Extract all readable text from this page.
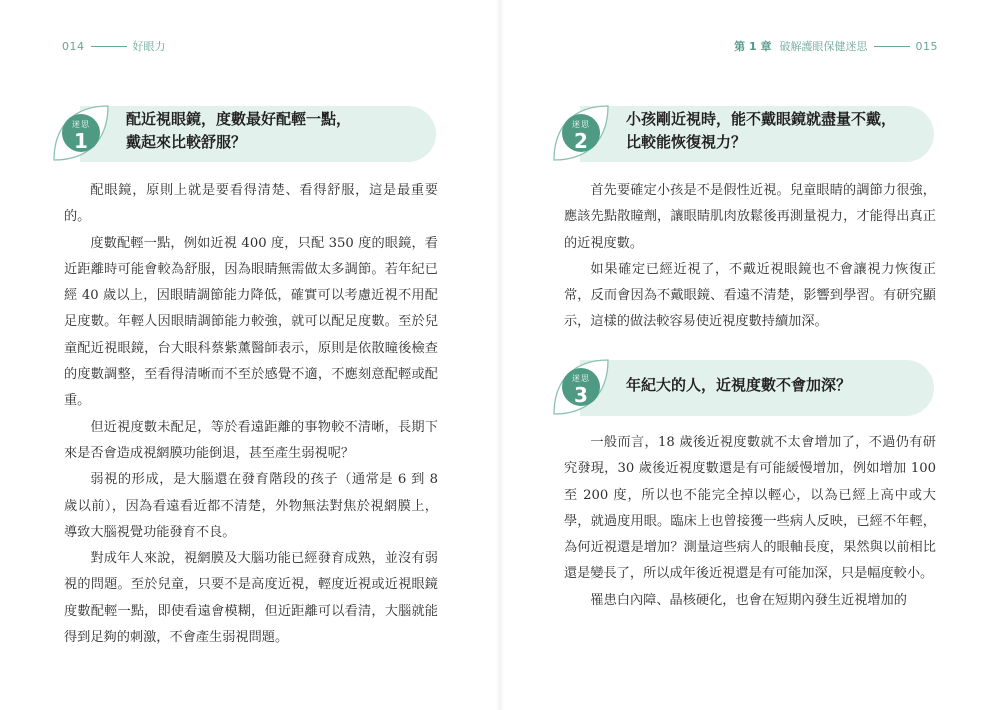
014	好眼力
迷思
1
配近視眼鏡，度數最好配輕一點，
戴起來比較舒服？

配眼鏡，原則上就是要看得清楚、看得舒服，這是最重要的。

度數配輕一點，例如近視 400 度，只配 350 度的眼鏡，看近距離時可能會較為舒服，因為眼睛無需做太多調節。若年紀已經 40 歲以上，因眼睛調節能力降低，確實可以考慮近視不用配足度數。年輕人因眼睛調節能力較強，就可以配足度數。至於兒童配近視眼鏡，台大眼科蔡紫薰醫師表示，原則是依散瞳後檢查的度數調整，至看得清晰而不至於感覺不適，不應刻意配輕或配重。

但近視度數未配足，等於看遠距離的事物較不清晰，長期下來是否會造成視網膜功能倒退，甚至產生弱視呢？

弱視的形成，是大腦還在發育階段的孩子（通常是 6 到 8 歲以前），因為看遠看近都不清楚，外物無法對焦於視網膜上，導致大腦視覺功能發育不良。

對成年人來說，視網膜及大腦功能已經發育成熟，並沒有弱視的問題。至於兒童，只要不是高度近視，輕度近視或近視眼鏡度數配輕一點，即使看遠會模糊，但近距離可以看清，大腦就能得到足夠的刺激，不會產生弱視問題。

第 1 章 破解護眼保健迷思	015
迷思
2
小孩剛近視時，能不戴眼鏡就盡量不戴，
比較能恢復視力？

首先要確定小孩是不是假性近視。兒童眼睛的調節力很強，應該先點散瞳劑，讓眼睛肌肉放鬆後再測量視力，才能得出真正的近視度數。

如果確定已經近視了，不戴近視眼鏡也不會讓視力恢復正常，反而會因為不戴眼鏡、看遠不清楚，影響到學習。有研究顯示，這樣的做法較容易使近視度數持續加深。

迷思
3	年紀大的人，近視度數不會加深？

一般而言，18 歲後近視度數就不太會增加了，不過仍有研究發現，30 歲後近視度數還是有可能緩慢增加，例如增加 100 至 200 度，所以也不能完全掉以輕心，以為已經上高中或大學，就過度用眼。臨床上也曾接獲一些病人反映，已經不年輕，為何近視還是增加？測量這些病人的眼軸長度，果然與以前相比還是變長了，所以成年後近視還是有可能加深，只是幅度較小。

罹患白內障、晶核硬化，也會在短期內發生近視增加的
